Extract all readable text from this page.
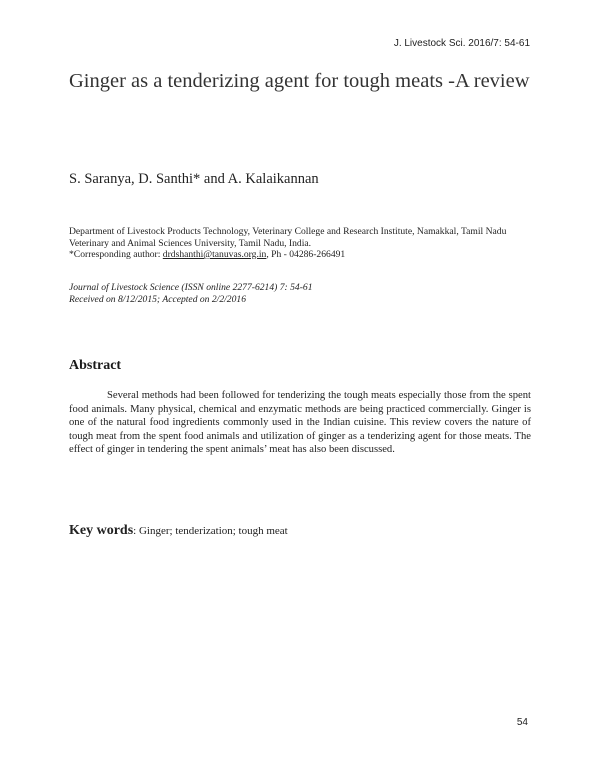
J. Livestock Sci. 2016/7: 54-61
Ginger as a tenderizing agent for tough meats -A review
S. Saranya, D. Santhi* and A. Kalaikannan
Department of Livestock Products Technology, Veterinary College and Research Institute, Namakkal, Tamil Nadu Veterinary and Animal Sciences University, Tamil Nadu, India.
*Corresponding author: drdshanthi@tanuvas.org.in, Ph - 04286-266491
Journal of Livestock Science (ISSN online 2277-6214) 7: 54-61
Received on 8/12/2015; Accepted on 2/2/2016
Abstract

Several methods had been followed for tenderizing the tough meats especially those from the spent food animals. Many physical, chemical and enzymatic methods are being practiced commercially. Ginger is one of the natural food ingredients commonly used in the Indian cuisine. This review covers the nature of tough meat from the spent food animals and utilization of ginger as a tenderizing agent for those meats. The effect of ginger in tendering the spent animals’ meat has also been discussed.

Key words: Ginger; tenderization; tough meat
54
